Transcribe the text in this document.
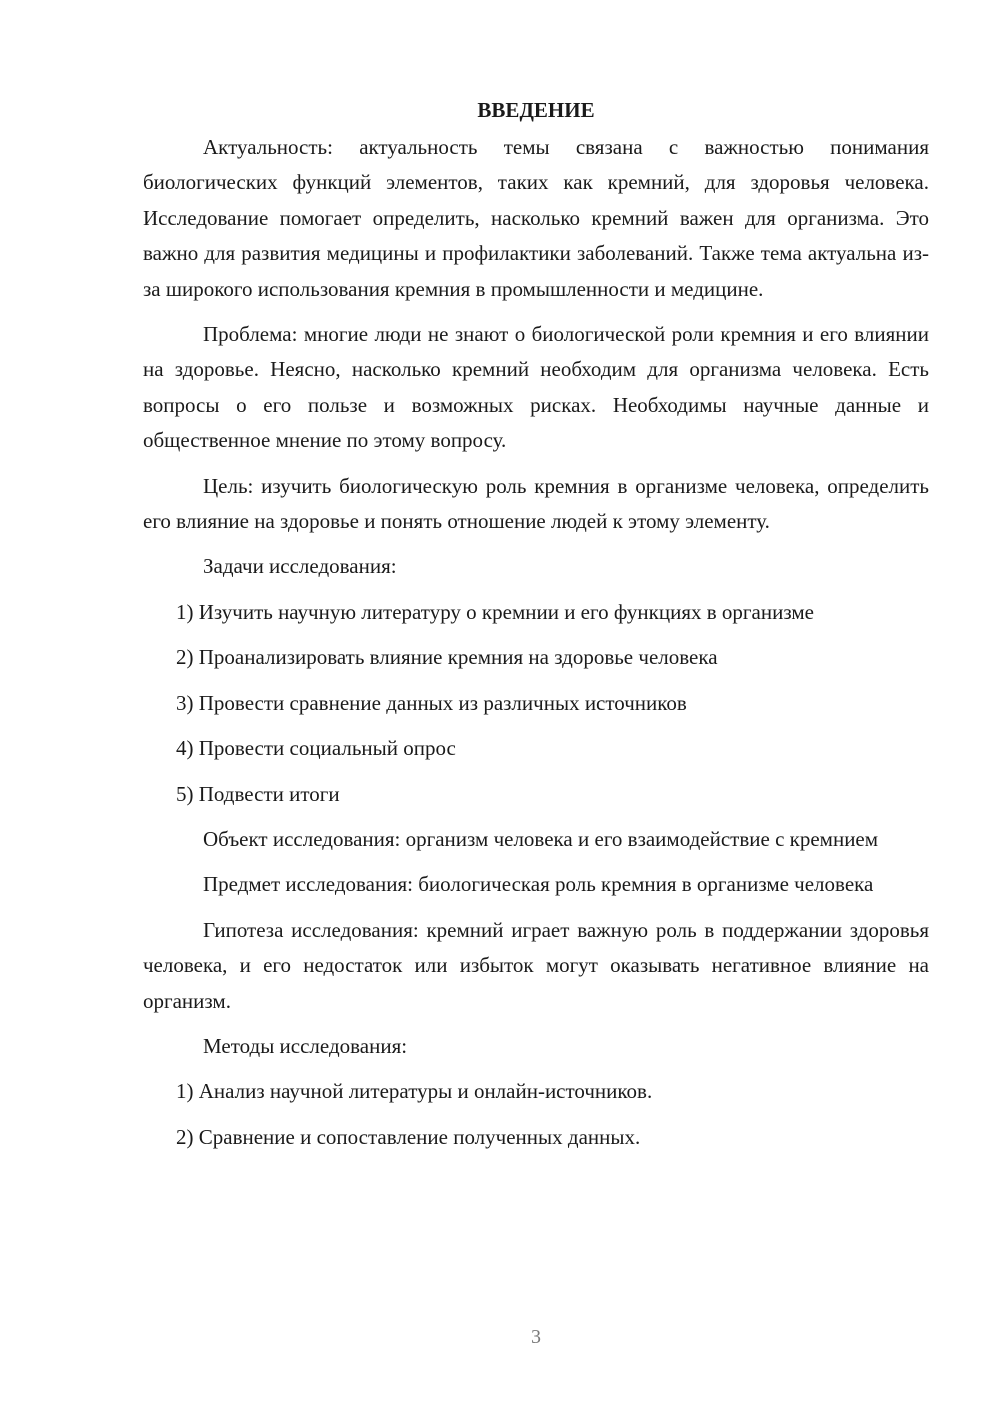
ВВЕДЕНИЕ
Актуальность: актуальность темы связана с важностью понимания биологических функций элементов, таких как кремний, для здоровья человека. Исследование помогает определить, насколько кремний важен для организма. Это важно для развития медицины и профилактики заболеваний. Также тема актуальна из-за широкого использования кремния в промышленности и медицине.
Проблема: многие люди не знают о биологической роли кремния и его влиянии на здоровье. Неясно, насколько кремний необходим для организма человека. Есть вопросы о его пользе и возможных рисках. Необходимы научные данные и общественное мнение по этому вопросу.
Цель: изучить биологическую роль кремния в организме человека, определить его влияние на здоровье и понять отношение людей к этому элементу.
Задачи исследования:
1) Изучить научную литературу о кремнии и его функциях в организме
2) Проанализировать влияние кремния на здоровье человека
3) Провести сравнение данных из различных источников
4) Провести социальный опрос
5) Подвести итоги
Объект исследования: организм человека и его взаимодействие с кремнием
Предмет исследования: биологическая роль кремния в организме человека
Гипотеза исследования: кремний играет важную роль в поддержании здоровья человека, и его недостаток или избыток могут оказывать негативное влияние на организм.
Методы исследования:
1) Анализ научной литературы и онлайн-источников.
2) Сравнение и сопоставление полученных данных.
3
